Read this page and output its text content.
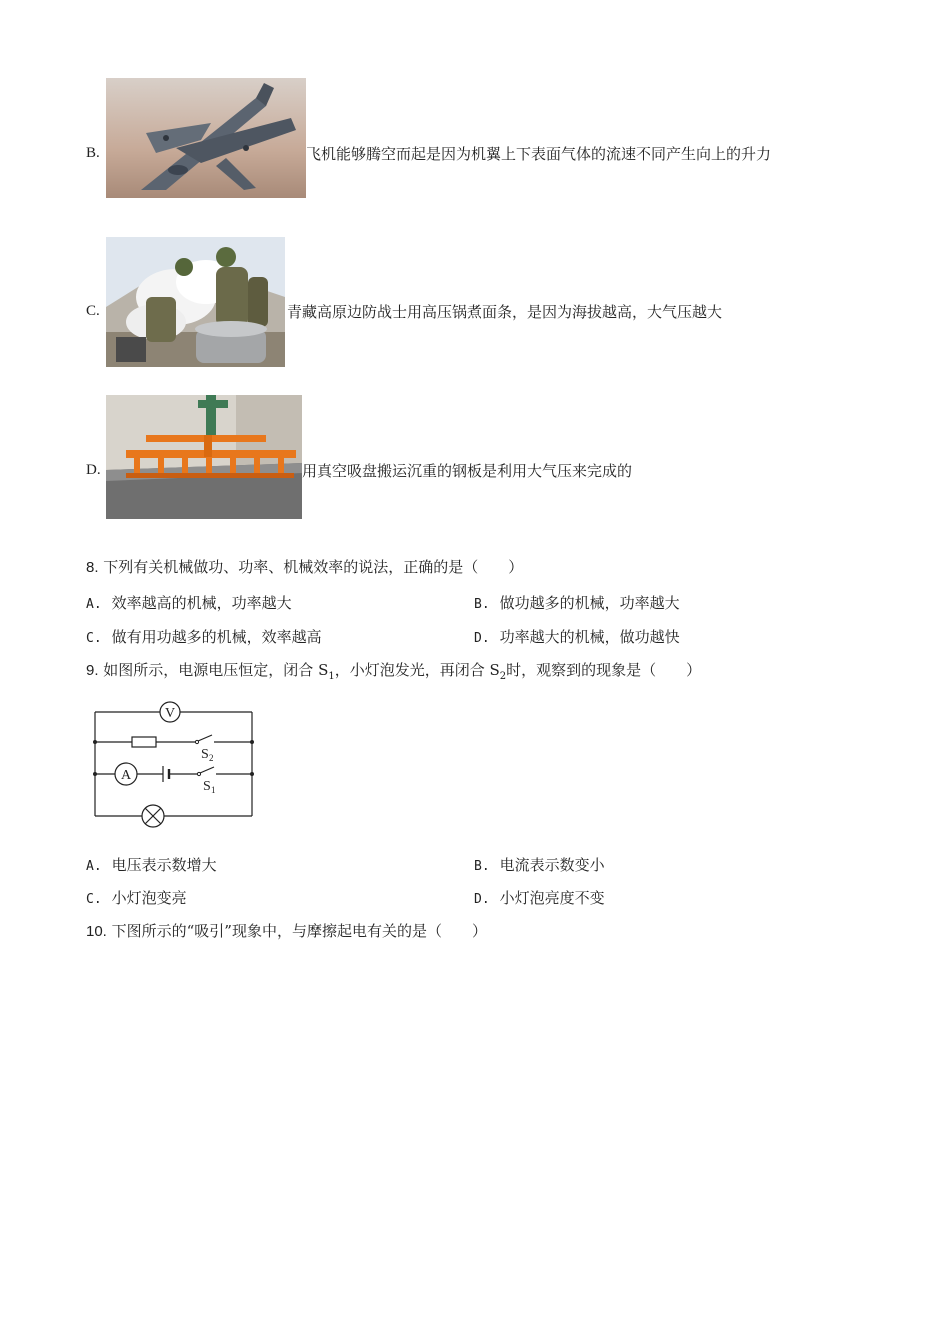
B.	飞机能够腾空而起是因为机翼上下表面气体的流速不同产生向上的升力
C.	青藏高原边防战士用高压锅煮面条，是因为海拔越高，大气压越大
D.	用真空吸盘搬运沉重的钢板是利用大气压来完成的
8. 下列有关机械做功、功率、机械效率的说法，正确的是（　　）
A. 效率越高的机械，功率越大	B. 做功越多的机械，功率越大
C. 做有用功越多的机械，效率越高	D. 功率越大的机械，做功越快
9. 如图所示，电源电压恒定，闭合 $S_1$，小灯泡发光，再闭合 $S_2$时，观察到的现象是（　　）
V
A
S 2
S 1
A. 电压表示数增大	B. 电流表示数变小
C. 小灯泡变亮	D. 小灯泡亮度不变
10. 下图所示的“吸引”现象中，与摩擦起电有关的是（　　）
